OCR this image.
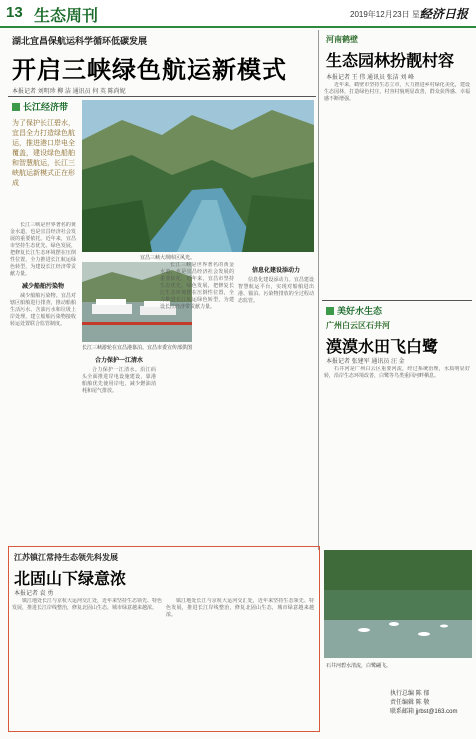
13 生态周刊	2019年12月23日 星期一
经济日报
湖北宜昌保航运科学循环低碳发展
开启三峡绿色航运新模式
本报记者 刘明珍 柳 洁 通讯员 何 英 陈尚妮
长江经济带
为了保护长江碧水，宜昌全力打造绿色航运，推进港口岸电全覆盖，建设绿色船舶和智慧航运，长江三峡航运新模式正在形成
宜昌三峡大坝库区风光。

长江三峡是世界著名的黄金水道，也是宜昌经济社会发展的重要依托。近年来，宜昌市坚持生态优先、绿色发展，把修复长江生态环境摆在压倒性位置，全力推进长江航运绿色转型，为建设长江经济带贡献力量。

减少船舶污染物

减少船舶污染物。宜昌对辖区船舶进行排查，推动船舶生活污水、含油污水和垃圾上岸处理，建立船舶污染物接收转运处置联合监管制度。

长江三峡游轮在宜昌港靠泊。宜昌市委宣传部供图
合力保护一江清水

合力保护一江清水。沿江码头全面推进岸电设施建设，靠港船舶优先使用岸电，减少燃油消耗和尾气排放。

长江三峡是世界著名的黄金水道，也是宜昌经济社会发展的重要依托。近年来，宜昌市坚持生态优先、绿色发展，把修复长江生态环境摆在压倒性位置，全力推进长江航运绿色转型，为建设长江经济带贡献力量。

信息化建设添动力

信息化建设添动力。宜昌建设智慧航运平台，实现对船舶进出港、锚泊、污染物排放的全过程动态监管。

河南鹤壁
生态园林扮靓村容
本报记者 王 伟 通讯员 张洁 刘 峰

近年来，鹤壁市坚持生态立市，大力推进乡村绿化美化，建设生态园林，打造绿色村庄，村容村貌明显改善，群众获得感、幸福感不断增强。

美好水生态
广州白云区石井河
漠漠水田飞白鹭
本报记者 张建军 通讯员 汪 金

石井河是广州白云区重要河流，经过系统治理，水质明显好转，沿岸生态环境改善，白鹭等鸟类重回河畔栖息。

石井河碧水清流，白鹭翩飞。
江苏镇江常持生态领先科发展
北固山下绿意浓
本报记者 袁 勇

镇江地处长江与京杭大运河交汇处，近年来坚持生态领先、特色发展，推进长江岸线整治，修复北固山生态，城市绿意越来越浓。

镇江地处长江与京杭大运河交汇处，近年来坚持生态领先、特色发展，推进长江岸线整治，修复北固山生态，城市绿意越来越浓。

执行总编 陈 郁
责任编辑 陈 敬
联系邮箱 jjrbst@163.com
